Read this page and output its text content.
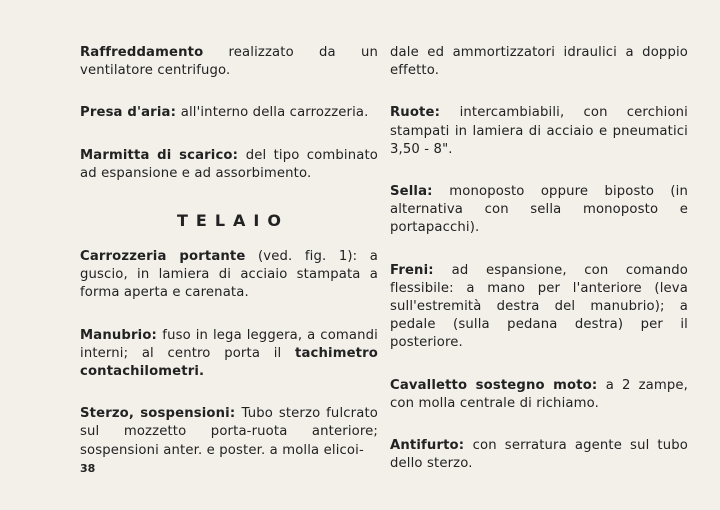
Raffreddamento realizzato da un ventilatore centrifugo.

Presa d'aria: all'interno della carrozzeria.

Marmitta di scarico: del tipo combinato ad espansione e ad assorbimento.

TELAIO

Carrozzeria portante (ved. fig. 1): a guscio, in lamiera di acciaio stampata a forma aperta e carenata.

Manubrio: fuso in lega leggera, a comandi interni; al centro porta il tachimetro contachilometri.

Sterzo, sospensioni: Tubo sterzo fulcrato sul mozzetto porta-ruota anteriore; sospensioni anter. e poster. a molla elicoi-

dale ed ammortizzatori idraulici a doppio effetto.

Ruote: intercambiabili, con cerchioni stampati in lamiera di acciaio e pneumatici 3,50 - 8".

Sella: monoposto oppure biposto (in alternativa con sella monoposto e portapacchi).

Freni: ad espansione, con comando flessibile: a mano per l'anteriore (leva sull'estremità destra del manubrio); a pedale (sulla pedana destra) per il posteriore.

Cavalletto sostegno moto: a 2 zampe, con molla centrale di richiamo.

Antifurto: con serratura agente sul tubo dello sterzo.

38
